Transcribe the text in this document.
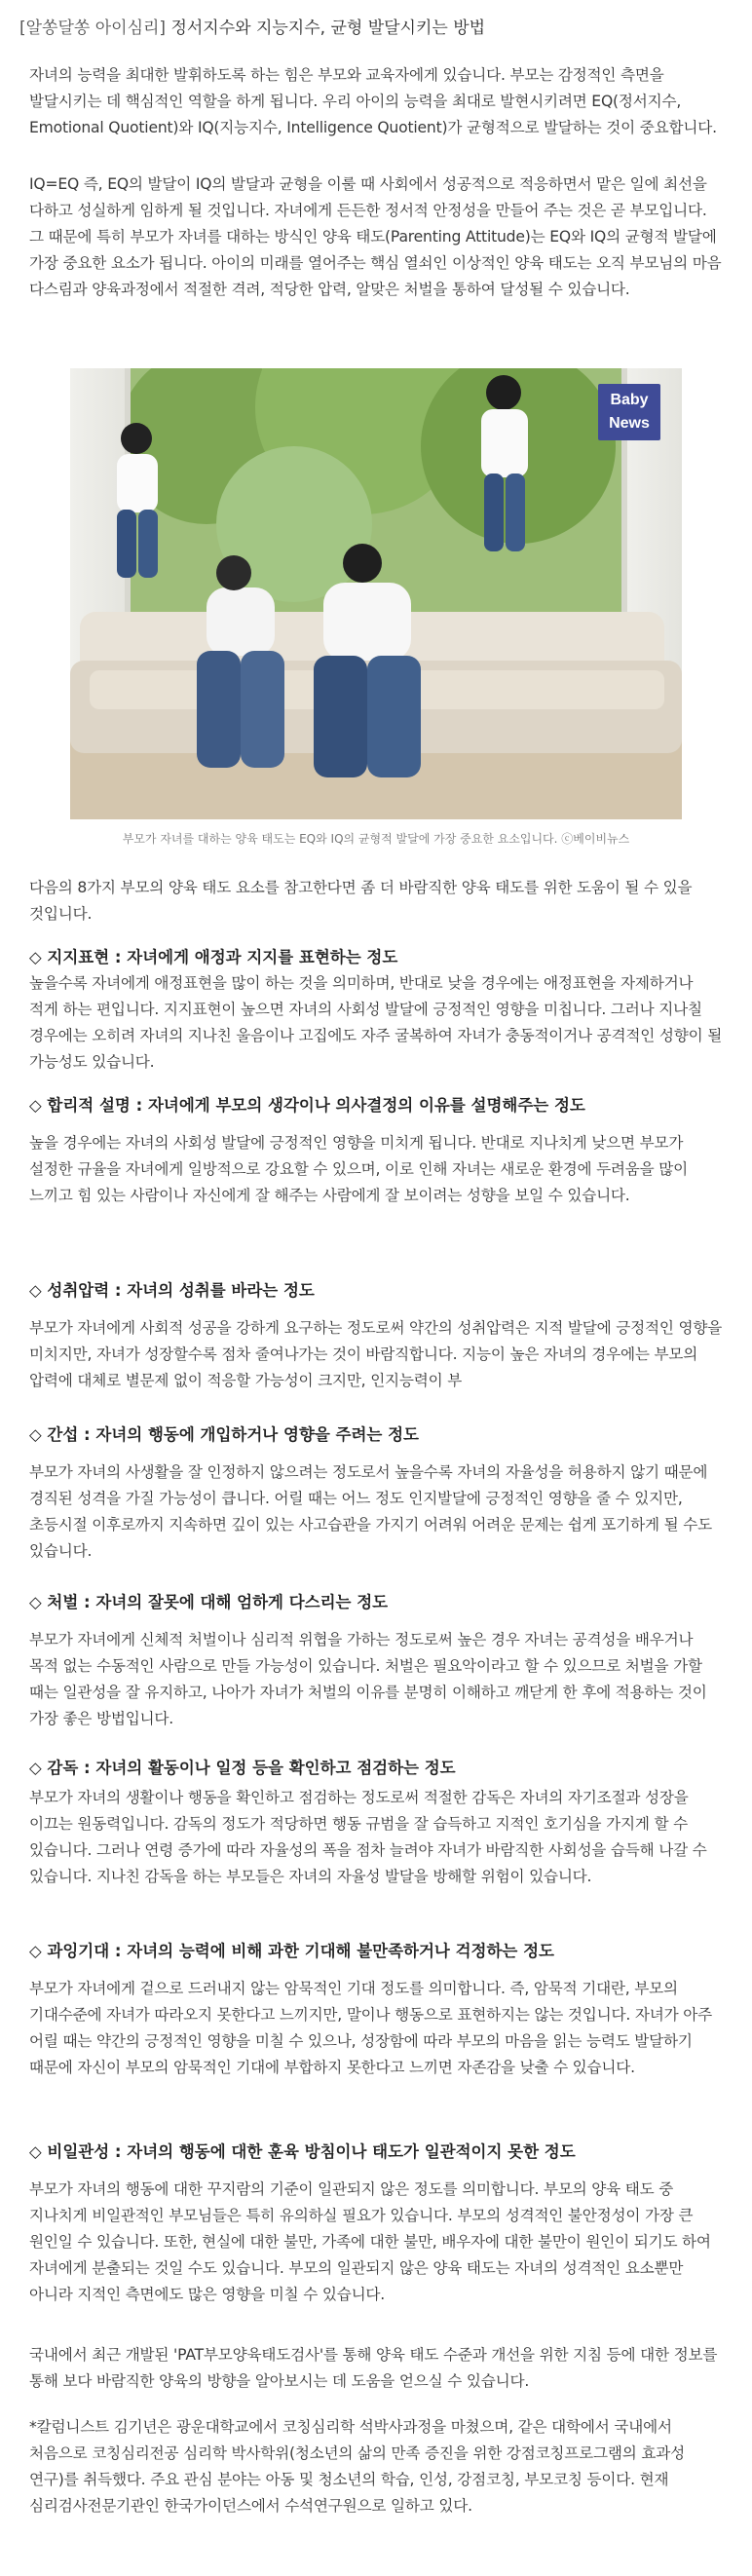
[알쏭달쏭 아이심리] 정서지수와 지능지수, 균형 발달시키는 방법

자녀의 능력을 최대한 발휘하도록 하는 힘은 부모와 교육자에게 있습니다. 부모는 감정적인 측면을 발달시키는 데 핵심적인 역할을 하게 됩니다. 우리 아이의 능력을 최대로 발현시키려면 EQ(정서지수, Emotional Quotient)와 IQ(지능지수, Intelligence Quotient)가 균형적으로 발달하는 것이 중요합니다.

IQ=EQ 즉, EQ의 발달이 IQ의 발달과 균형을 이룰 때 사회에서 성공적으로 적응하면서 맡은 일에 최선을 다하고 성실하게 임하게 될 것입니다. 자녀에게 든든한 정서적 안정성을 만들어 주는 것은 곧 부모입니다. 그 때문에 특히 부모가 자녀를 대하는 방식인 양육 태도(Parenting Attitude)는 EQ와 IQ의 균형적 발달에 가장 중요한 요소가 됩니다. 아이의 미래를 열어주는 핵심 열쇠인 이상적인 양육 태도는 오직 부모님의 마음 다스림과 양육과정에서 적절한 격려, 적당한 압력, 알맞은 처벌을 통하여 달성될 수 있습니다.

Baby
News
부모가 자녀를 대하는 양육 태도는 EQ와 IQ의 균형적 발달에 가장 중요한 요소입니다. ⓒ베이비뉴스

다음의 8가지 부모의 양육 태도 요소를 참고한다면 좀 더 바람직한 양육 태도를 위한 도움이 될 수 있을 것입니다.

◇ 지지표현 : 자녀에게 애정과 지지를 표현하는 정도

높을수록 자녀에게 애정표현을 많이 하는 것을 의미하며, 반대로 낮을 경우에는 애정표현을 자제하거나 적게 하는 편입니다. 지지표현이 높으면 자녀의 사회성 발달에 긍정적인 영향을 미칩니다. 그러나 지나칠 경우에는 오히려 자녀의 지나친 울음이나 고집에도 자주 굴복하여 자녀가 충동적이거나 공격적인 성향이 될 가능성도 있습니다.

◇ 합리적 설명 : 자녀에게 부모의 생각이나 의사결정의 이유를 설명해주는 정도

높을 경우에는 자녀의 사회성 발달에 긍정적인 영향을 미치게 됩니다. 반대로 지나치게 낮으면 부모가 설정한 규율을 자녀에게 일방적으로 강요할 수 있으며, 이로 인해 자녀는 새로운 환경에 두려움을 많이 느끼고 힘 있는 사람이나 자신에게 잘 해주는 사람에게 잘 보이려는 성향을 보일 수 있습니다.

◇ 성취압력 : 자녀의 성취를 바라는 정도

부모가 자녀에게 사회적 성공을 강하게 요구하는 정도로써 약간의 성취압력은 지적 발달에 긍정적인 영향을 미치지만, 자녀가 성장할수록 점차 줄여나가는 것이 바람직합니다. 지능이 높은 자녀의 경우에는 부모의 압력에 대체로 별문제 없이 적응할 가능성이 크지만, 인지능력이 부

◇ 간섭 : 자녀의 행동에 개입하거나 영향을 주려는 정도

부모가 자녀의 사생활을 잘 인정하지 않으려는 정도로서 높을수록 자녀의 자율성을 허용하지 않기 때문에 경직된 성격을 가질 가능성이 큽니다. 어릴 때는 어느 정도 인지발달에 긍정적인 영향을 줄 수 있지만, 초등시절 이후로까지 지속하면 깊이 있는 사고습관을 가지기 어려워 어려운 문제는 쉽게 포기하게 될 수도 있습니다.

◇ 처벌 : 자녀의 잘못에 대해 엄하게 다스리는 정도

부모가 자녀에게 신체적 처벌이나 심리적 위협을 가하는 정도로써 높은 경우 자녀는 공격성을 배우거나 목적 없는 수동적인 사람으로 만들 가능성이 있습니다. 처벌은 필요악이라고 할 수 있으므로 처벌을 가할 때는 일관성을 잘 유지하고, 나아가 자녀가 처벌의 이유를 분명히 이해하고 깨닫게 한 후에 적용하는 것이 가장 좋은 방법입니다.

◇ 감독 : 자녀의 활동이나 일정 등을 확인하고 점검하는 정도

부모가 자녀의 생활이나 행동을 확인하고 점검하는 정도로써 적절한 감독은 자녀의 자기조절과 성장을 이끄는 원동력입니다. 감독의 정도가 적당하면 행동 규범을 잘 습득하고 지적인 호기심을 가지게 할 수 있습니다. 그러나 연령 증가에 따라 자율성의 폭을 점차 늘려야 자녀가 바람직한 사회성을 습득해 나갈 수 있습니다. 지나친 감독을 하는 부모들은 자녀의 자율성 발달을 방해할 위험이 있습니다.

◇ 과잉기대 : 자녀의 능력에 비해 과한 기대해 불만족하거나 걱정하는 정도

부모가 자녀에게 겉으로 드러내지 않는 암묵적인 기대 정도를 의미합니다. 즉, 암묵적 기대란, 부모의 기대수준에 자녀가 따라오지 못한다고 느끼지만, 말이나 행동으로 표현하지는 않는 것입니다. 자녀가 아주 어릴 때는 약간의 긍정적인 영향을 미칠 수 있으나, 성장함에 따라 부모의 마음을 읽는 능력도 발달하기 때문에 자신이 부모의 암묵적인 기대에 부합하지 못한다고 느끼면 자존감을 낮출 수 있습니다.

◇ 비일관성 : 자녀의 행동에 대한 훈육 방침이나 태도가 일관적이지 못한 정도

부모가 자녀의 행동에 대한 꾸지람의 기준이 일관되지 않은 정도를 의미합니다. 부모의 양육 태도 중 지나치게 비일관적인 부모님들은 특히 유의하실 필요가 있습니다. 부모의 성격적인 불안정성이 가장 큰 원인일 수 있습니다. 또한, 현실에 대한 불만, 가족에 대한 불만, 배우자에 대한 불만이 원인이 되기도 하여 자녀에게 분출되는 것일 수도 있습니다. 부모의 일관되지 않은 양육 태도는 자녀의 성격적인 요소뿐만 아니라 지적인 측면에도 많은 영향을 미칠 수 있습니다.

국내에서 최근 개발된 'PAT부모양육태도검사'를 통해 양육 태도 수준과 개선을 위한 지침 등에 대한 정보를 통해 보다 바람직한 양육의 방향을 알아보시는 데 도움을 얻으실 수 있습니다.

*칼럼니스트 김기년은 광운대학교에서 코칭심리학 석박사과정을 마쳤으며, 같은 대학에서 국내에서 처음으로 코칭심리전공 심리학 박사학위(청소년의 삶의 만족 증진을 위한 강점코칭프로그램의 효과성 연구)를 취득했다. 주요 관심 분야는 아동 및 청소년의 학습, 인성, 강점코칭, 부모코칭 등이다. 현재 심리검사전문기관인 한국가이던스에서 수석연구원으로 일하고 있다.
